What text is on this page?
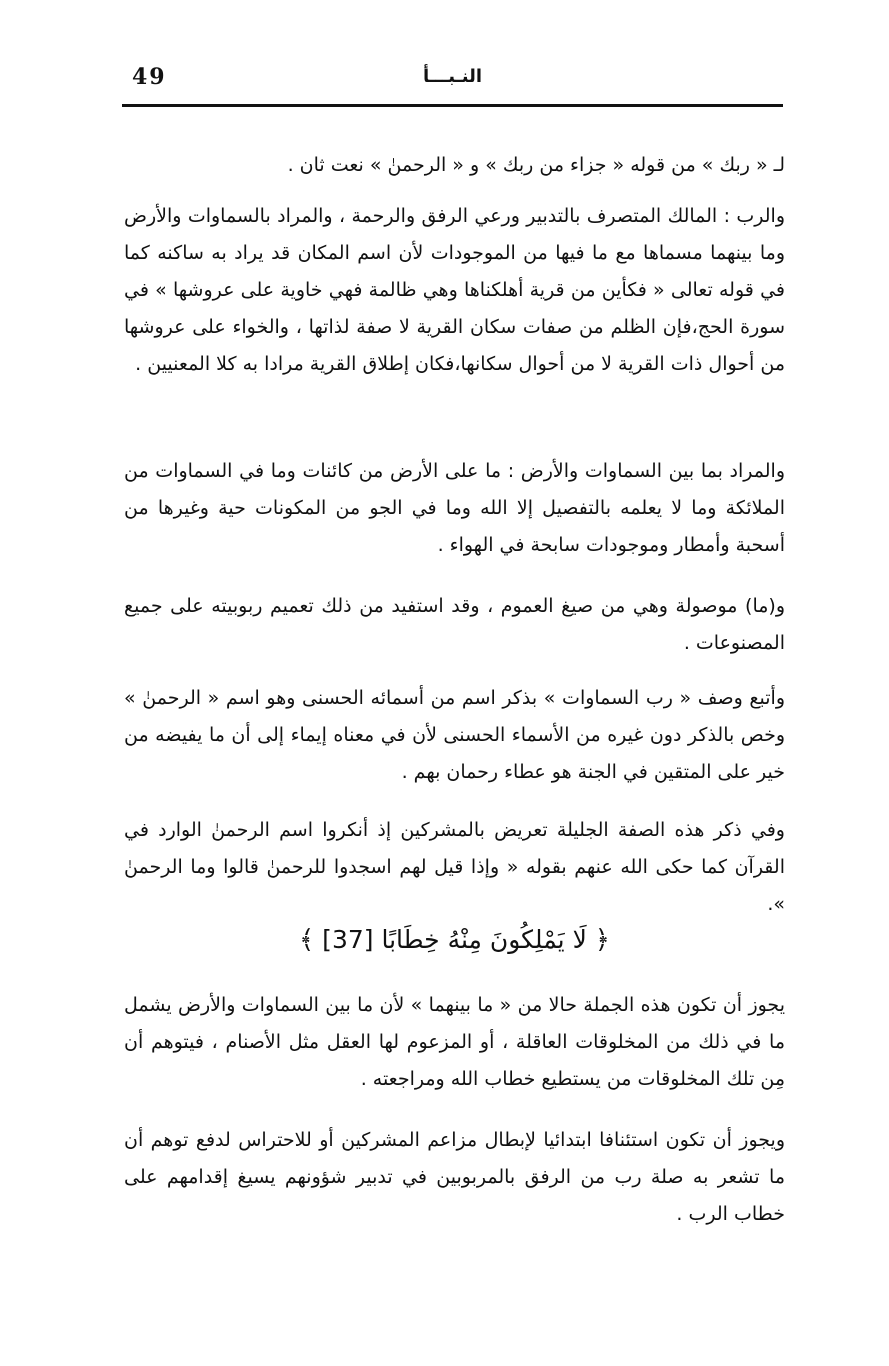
49	النـبـــأ

لـ « ربك » من قوله « جزاء من ربك » و « الرحمنٰ » نعت ثان .

والرب : المالك المتصرف بالتدبير ورعي الرفق والرحمة ، والمراد بالسماوات والأرض وما بينهما مسماها مع ما فيها من الموجودات لأن اسم المكان قد يراد به ساكنه كما في قوله تعالى « فكأين من قرية أهلكناها وهي ظالمة فهي خاوية على عروشها » في سورة الحج،فإن الظلم من صفات سكان القرية لا صفة لذاتها ، والخواء على عروشها من أحوال ذات القرية لا من أحوال سكانها،فكان إطلاق القرية مرادا به كلا المعنيين .

والمراد بما بين السماوات والأرض : ما على الأرض من كائنات وما في السماوات من الملائكة وما لا يعلمه بالتفصيل إلا الله وما في الجو من المكونات حية وغيرها من أسحبة وأمطار وموجودات سابحة في الهواء .

و(ما) موصولة وهي من صيغ العموم ، وقد استفيد من ذلك تعميم ربوبيته على جميع المصنوعات .

وأتبع وصف « رب السماوات » بذكر اسم من أسمائه الحسنى وهو اسم « الرحمنٰ » وخص بالذكر دون غيره من الأسماء الحسنى لأن في معناه إيماء إلى أن ما يفيضه من خير على المتقين في الجنة هو عطاء رحمان بهم .

وفي ذكر هذه الصفة الجليلة تعريض بالمشركين إذ أنكروا اسم الرحمنٰ الوارد في القرآن كما حكى الله عنهم بقوله « وإذا قيل لهم اسجدوا للرحمنٰ قالوا وما الرحمنٰ ».

﴿ لَا يَمْلِكُونَ مِنْهُ خِطَابًا [37] ﴾

يجوز أن تكون هذه الجملة حالا من « ما بينهما » لأن ما بين السماوات والأرض يشمل ما في ذلك من المخلوقات العاقلة ، أو المزعوم لها العقل مثل الأصنام ، فيتوهم أن مِن تلك المخلوقات من يستطيع خطاب الله ومراجعته .

ويجوز أن تكون استئنافا ابتدائيا لإبطال مزاعم المشركين أو للاحتراس لدفع توهم أن ما تشعر به صلة رب من الرفق بالمربوبين في تدبير شؤونهم يسيغ إقدامهم على خطاب الرب .
